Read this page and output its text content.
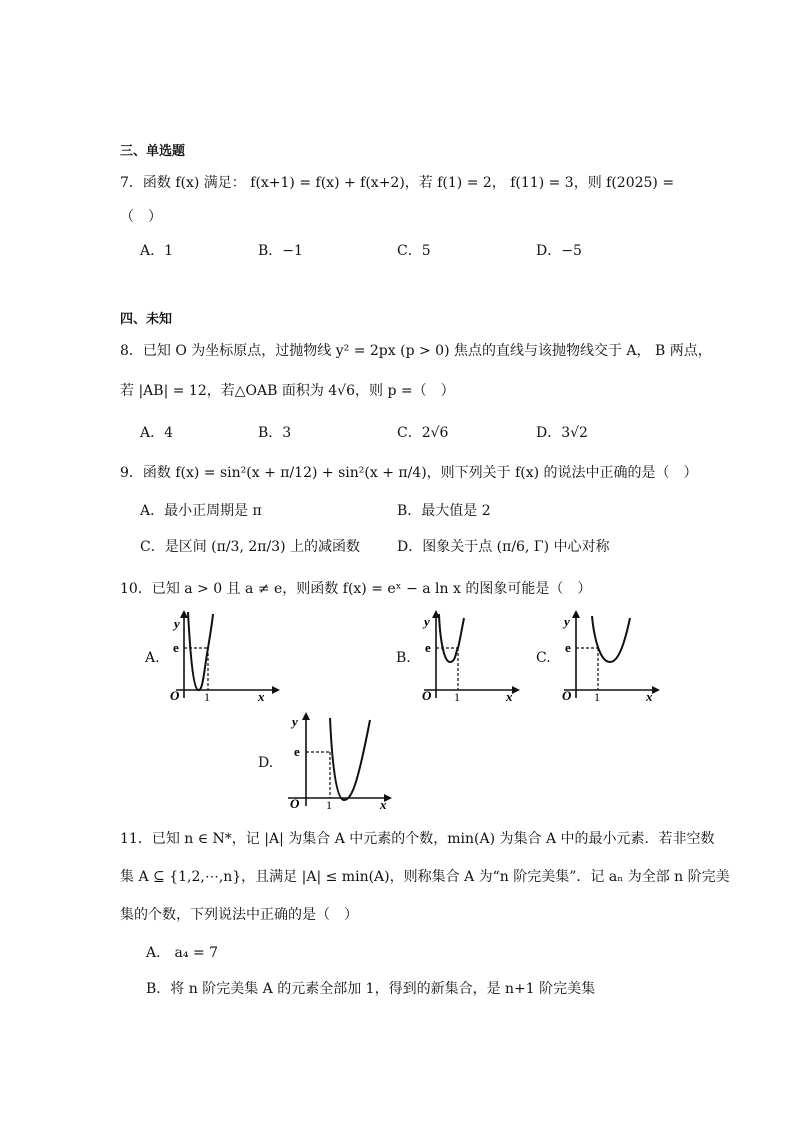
三、单选题
7．函数 f(x) 满足： f(x+1) = f(x) + f(x+2)，若 f(1) = 2， f(11) = 3，则 f(2025) =
（　）
A．1	B．−1	C．5	D．−5
四、未知
8．已知 O 为坐标原点，过抛物线 y² = 2px (p > 0) 焦点的直线与该抛物线交于 A， B 两点，
若 |AB| = 12，若△OAB 面积为 4√6，则 p =（　）
A．4	B．3	C．2√6	D．3√2
9．函数 f(x) = sin²(x + π/12) + sin²(x + π/4)，则下列关于 f(x) 的说法中正确的是（　）
A．最小正周期是 π	B．最大值是 2
C．是区间 (π/3, 2π/3) 上的减函数	D．图象关于点 (π/6, Γ) 中心对称
10．已知 a > 0 且 a ≠ e，则函数 f(x) = eˣ − a ln x 的图象可能是（　）
A.
y
e
O 1	x
B.
y
e
O 1	x
C.
y
e
O 1	x
D.
y
e
O 1	x
11．已知 n ∈ N*，记 |A| 为集合 A 中元素的个数，min(A) 为集合 A 中的最小元素．若非空数
集 A ⊆ {1,2,⋯,n}，且满足 |A| ≤ min(A)，则称集合 A 为“n 阶完美集”．记 aₙ 为全部 n 阶完美
集的个数，下列说法中正确的是（　）
A． a₄ = 7
B．将 n 阶完美集 A 的元素全部加 1，得到的新集合，是 n+1 阶完美集
